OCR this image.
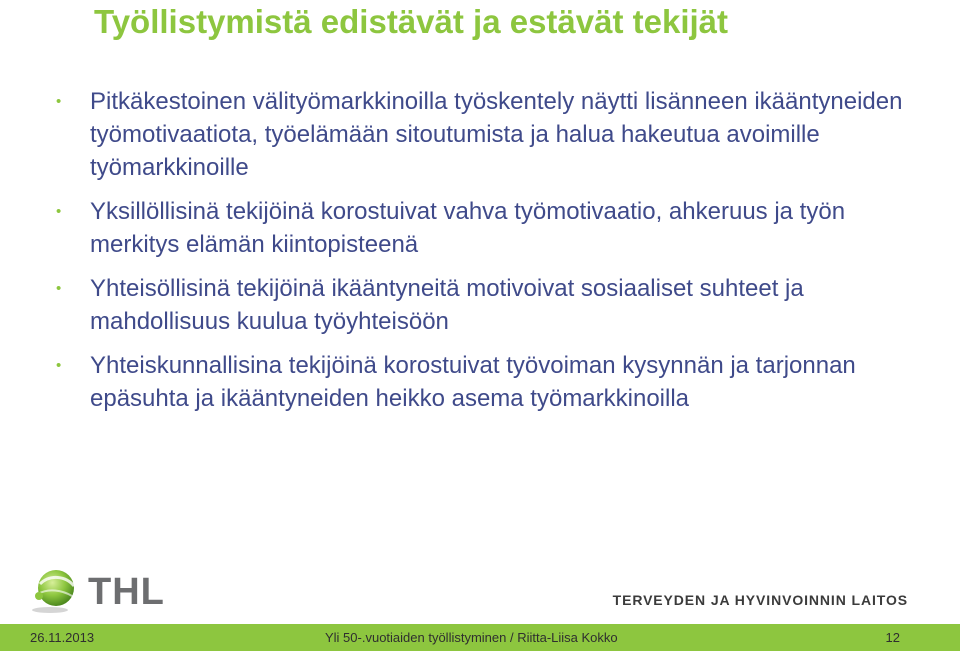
Työllistymistä edistävät ja estävät tekijät
• Pitkäkestoinen välityömarkkinoilla työskentely näytti lisänneen ikääntyneiden työmotivaatiota, työelämään sitoutumista ja halua hakeutua avoimille työmarkkinoille
• Yksillöllisinä tekijöinä korostuivat vahva työmotivaatio, ahkeruus ja työn merkitys elämän kiintopisteenä
• Yhteisöllisinä tekijöinä ikääntyneitä motivoivat sosiaaliset suhteet ja mahdollisuus kuulua työyhteisöön
• Yhteiskunnallisina tekijöinä korostuivat työvoiman kysynnän ja tarjonnan epäsuhta ja ikääntyneiden heikko asema työmarkkinoilla
THL	TERVEYDEN JA HYVINVOINNIN LAITOS
26.11.2013	Yli 50-.vuotiaiden työllistyminen / Riitta-Liisa Kokko	12
